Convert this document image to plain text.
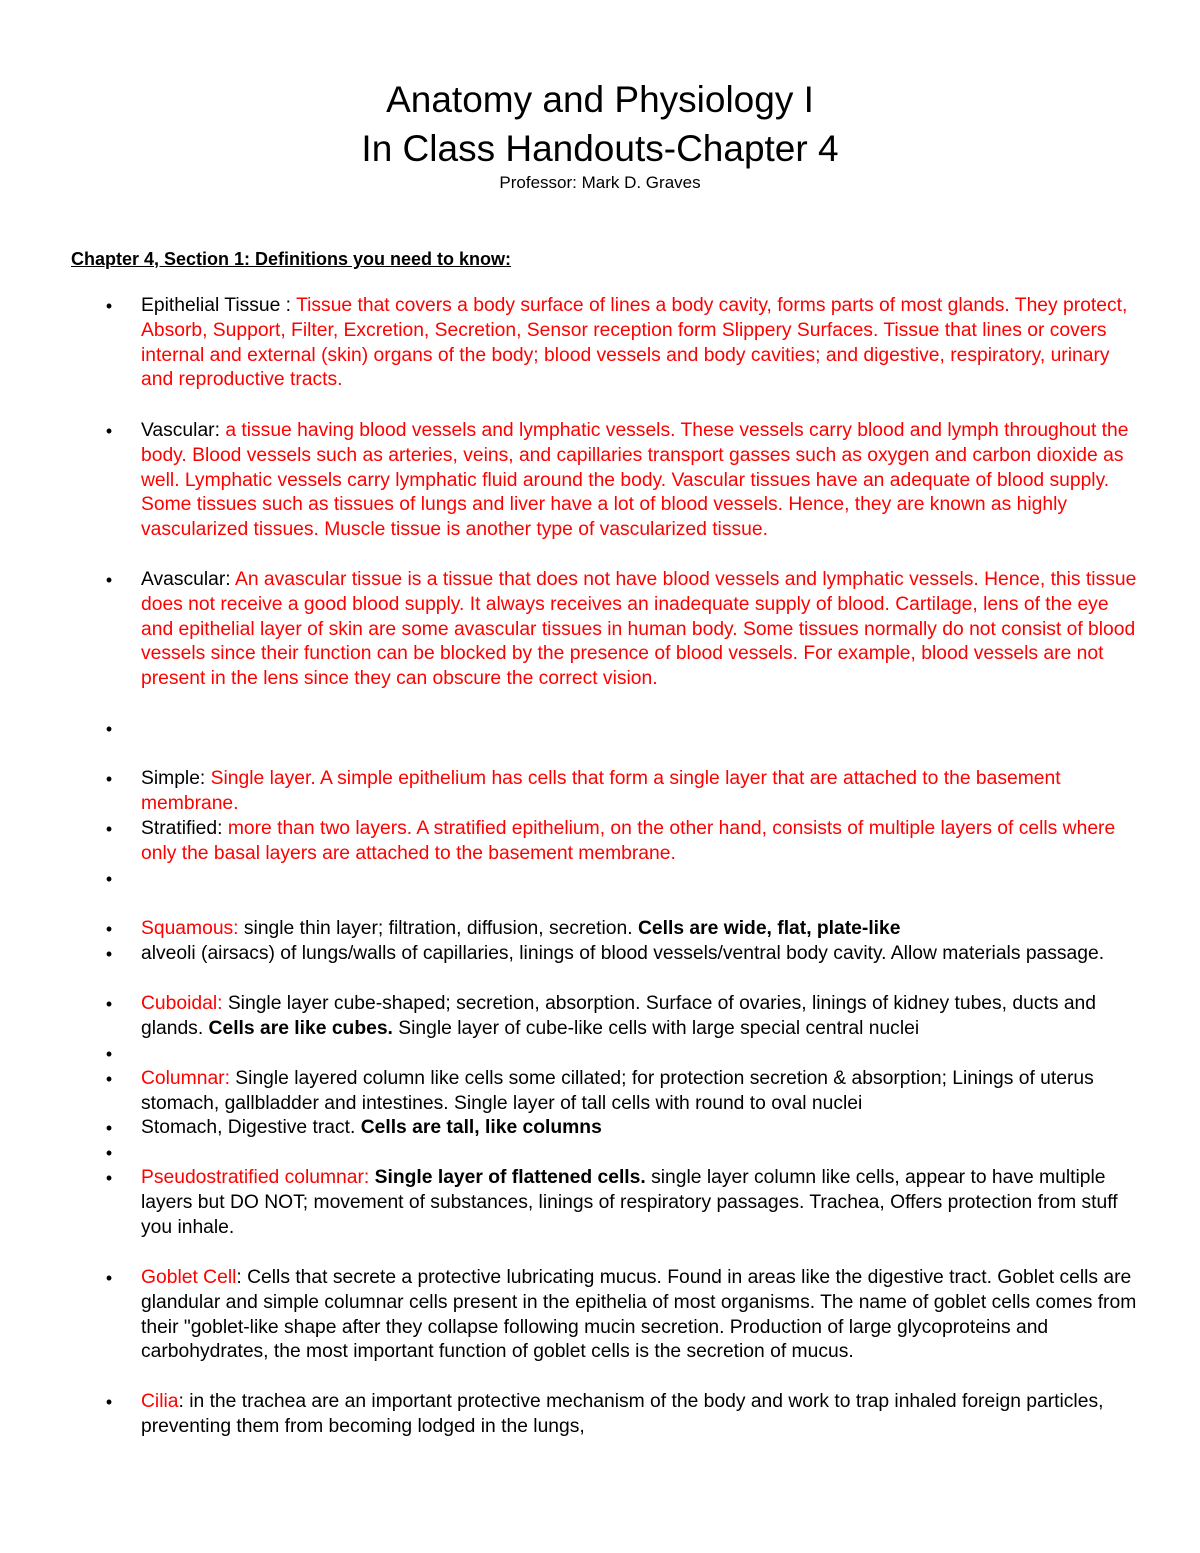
Anatomy and Physiology I
In Class Handouts-Chapter 4
Professor: Mark D. Graves
Chapter 4, Section 1: Definitions you need to know:
• Epithelial Tissue : Tissue that covers a body surface of lines a body cavity, forms parts of most glands. They protect, Absorb, Support, Filter, Excretion, Secretion, Sensor reception form Slippery Surfaces. Tissue that lines or covers internal and external (skin) organs of the body; blood vessels and body cavities; and digestive, respiratory, urinary and reproductive tracts.
• Vascular: a tissue having blood vessels and lymphatic vessels. These vessels carry blood and lymph throughout the body. Blood vessels such as arteries, veins, and capillaries transport gasses such as oxygen and carbon dioxide as well. Lymphatic vessels carry lymphatic fluid around the body. Vascular tissues have an adequate of blood supply. Some tissues such as tissues of lungs and liver have a lot of blood vessels. Hence, they are known as highly vascularized tissues. Muscle tissue is another type of vascularized tissue.
• Avascular: An avascular tissue is a tissue that does not have blood vessels and lymphatic vessels. Hence, this tissue does not receive a good blood supply. It always receives an inadequate supply of blood. Cartilage, lens of the eye and epithelial layer of skin are some avascular tissues in human body. Some tissues normally do not consist of blood vessels since their function can be blocked by the presence of blood vessels. For example, blood vessels are not present in the lens since they can obscure the correct vision.
•
• Simple: Single layer. A simple epithelium has cells that form a single layer that are attached to the basement membrane.
• Stratified: more than two layers. A stratified epithelium, on the other hand, consists of multiple layers of cells where only the basal layers are attached to the basement membrane.
•
• Squamous: single thin layer; filtration, diffusion, secretion. Cells are wide, flat, plate-like
• alveoli (airsacs) of lungs/walls of capillaries, linings of blood vessels/ventral body cavity. Allow materials passage.
• Cuboidal: Single layer cube-shaped; secretion, absorption. Surface of ovaries, linings of kidney tubes, ducts and glands. Cells are like cubes. Single layer of cube-like cells with large special central nuclei
•
• Columnar: Single layered column like cells some cillated; for protection secretion & absorption; Linings of uterus stomach, gallbladder and intestines. Single layer of tall cells with round to oval nuclei
• Stomach, Digestive tract. Cells are tall, like columns
•
• Pseudostratified columnar: Single layer of flattened cells. single layer column like cells, appear to have multiple layers but DO NOT; movement of substances, linings of respiratory passages. Trachea, Offers protection from stuff you inhale.
• Goblet Cell: Cells that secrete a protective lubricating mucus. Found in areas like the digestive tract. Goblet cells are glandular and simple columnar cells present in the epithelia of most organisms. The name of goblet cells comes from their "goblet-like shape after they collapse following mucin secretion. Production of large glycoproteins and carbohydrates, the most important function of goblet cells is the secretion of mucus.
• Cilia: in the trachea are an important protective mechanism of the body and work to trap inhaled foreign particles, preventing them from becoming lodged in the lungs,
